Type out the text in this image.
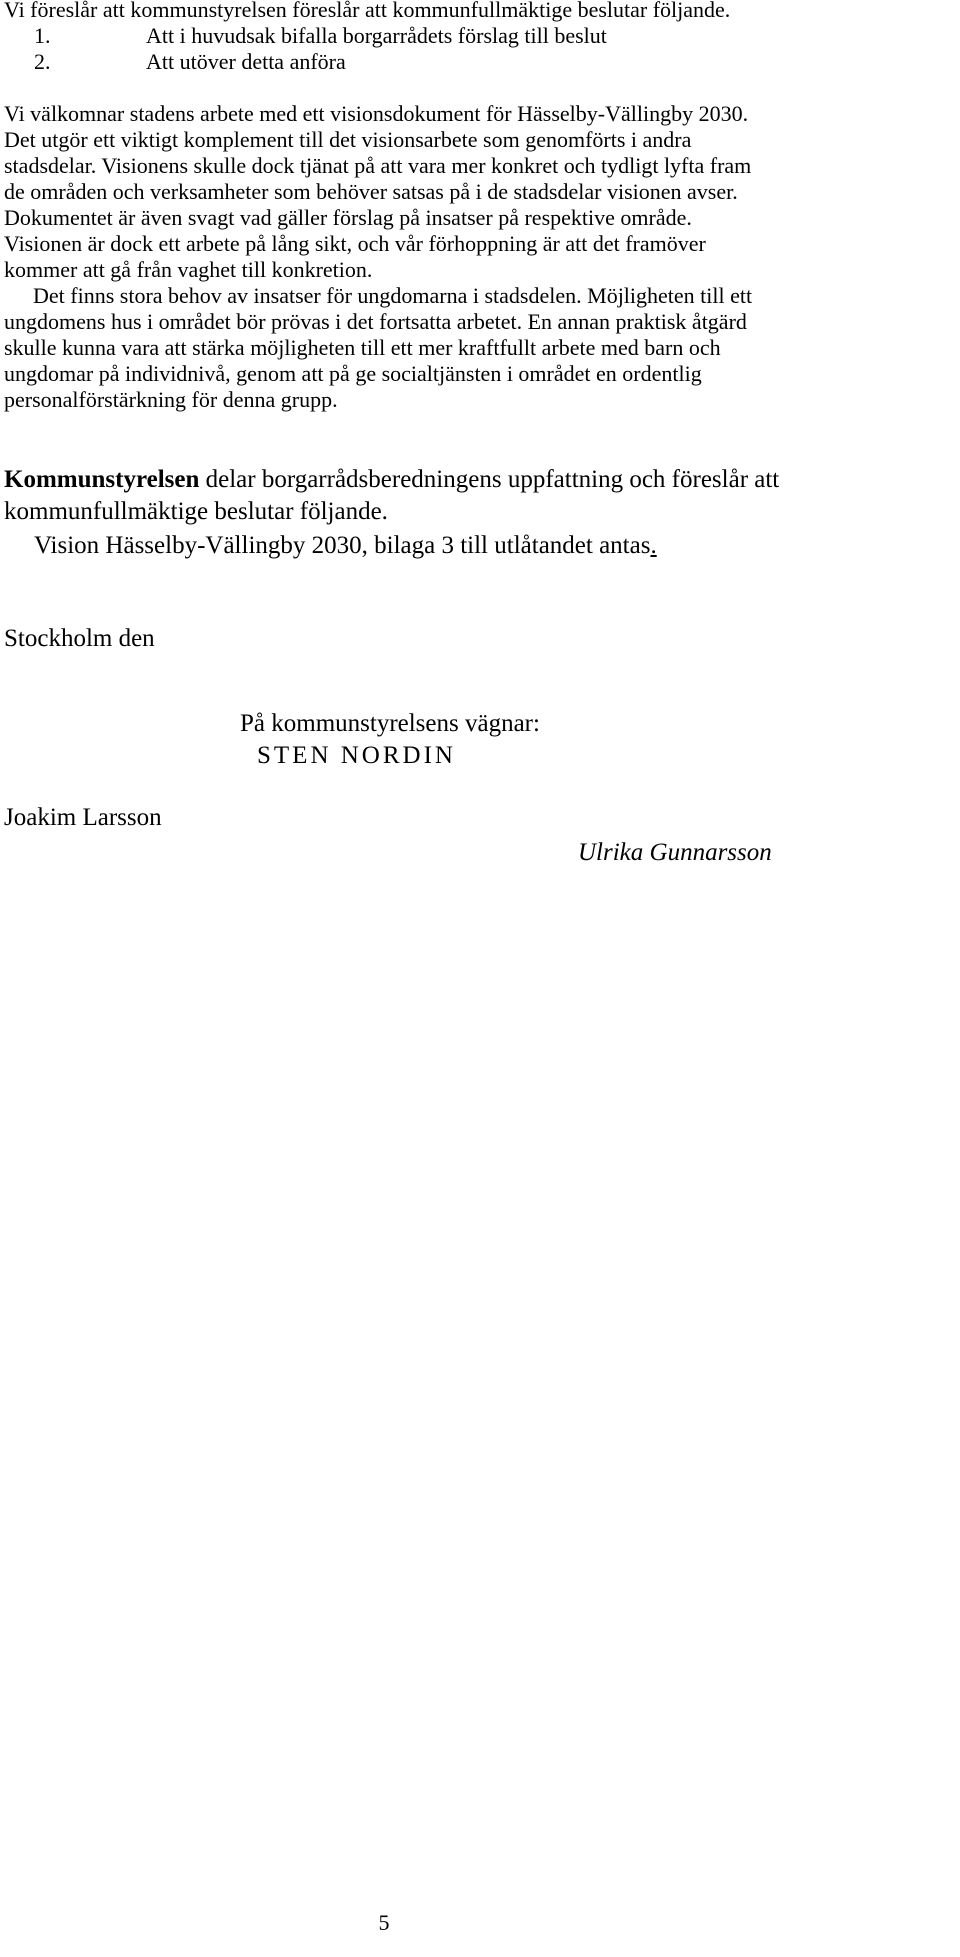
Vi föreslår att kommunstyrelsen föreslår att kommunfullmäktige beslutar följande.
1.	Att i huvudsak bifalla borgarrådets förslag till beslut
2.	Att utöver detta anföra
Vi välkomnar stadens arbete med ett visionsdokument för Hässelby-Vällingby 2030.
Det utgör ett viktigt komplement till det visionsarbete som genomförts i andra
stadsdelar. Visionens skulle dock tjänat på att vara mer konkret och tydligt lyfta fram
de områden och verksamheter som behöver satsas på i de stadsdelar visionen avser.
Dokumentet är även svagt vad gäller förslag på insatser på respektive område.
Visionen är dock ett arbete på lång sikt, och vår förhoppning är att det framöver
kommer att gå från vaghet till konkretion.
Det finns stora behov av insatser för ungdomarna i stadsdelen. Möjligheten till ett
ungdomens hus i området bör prövas i det fortsatta arbetet. En annan praktisk åtgärd
skulle kunna vara att stärka möjligheten till ett mer kraftfullt arbete med barn och
ungdomar på individnivå, genom att på ge socialtjänsten i området en ordentlig
personalförstärkning för denna grupp.
Kommunstyrelsen delar borgarrådsberedningens uppfattning och föreslår att
kommunfullmäktige beslutar följande.
Vision Hässelby-Vällingby 2030, bilaga 3 till utlåtandet antas.
Stockholm den
På kommunstyrelsens vägnar:
STEN NORDIN
Joakim Larsson
Ulrika Gunnarsson
5
